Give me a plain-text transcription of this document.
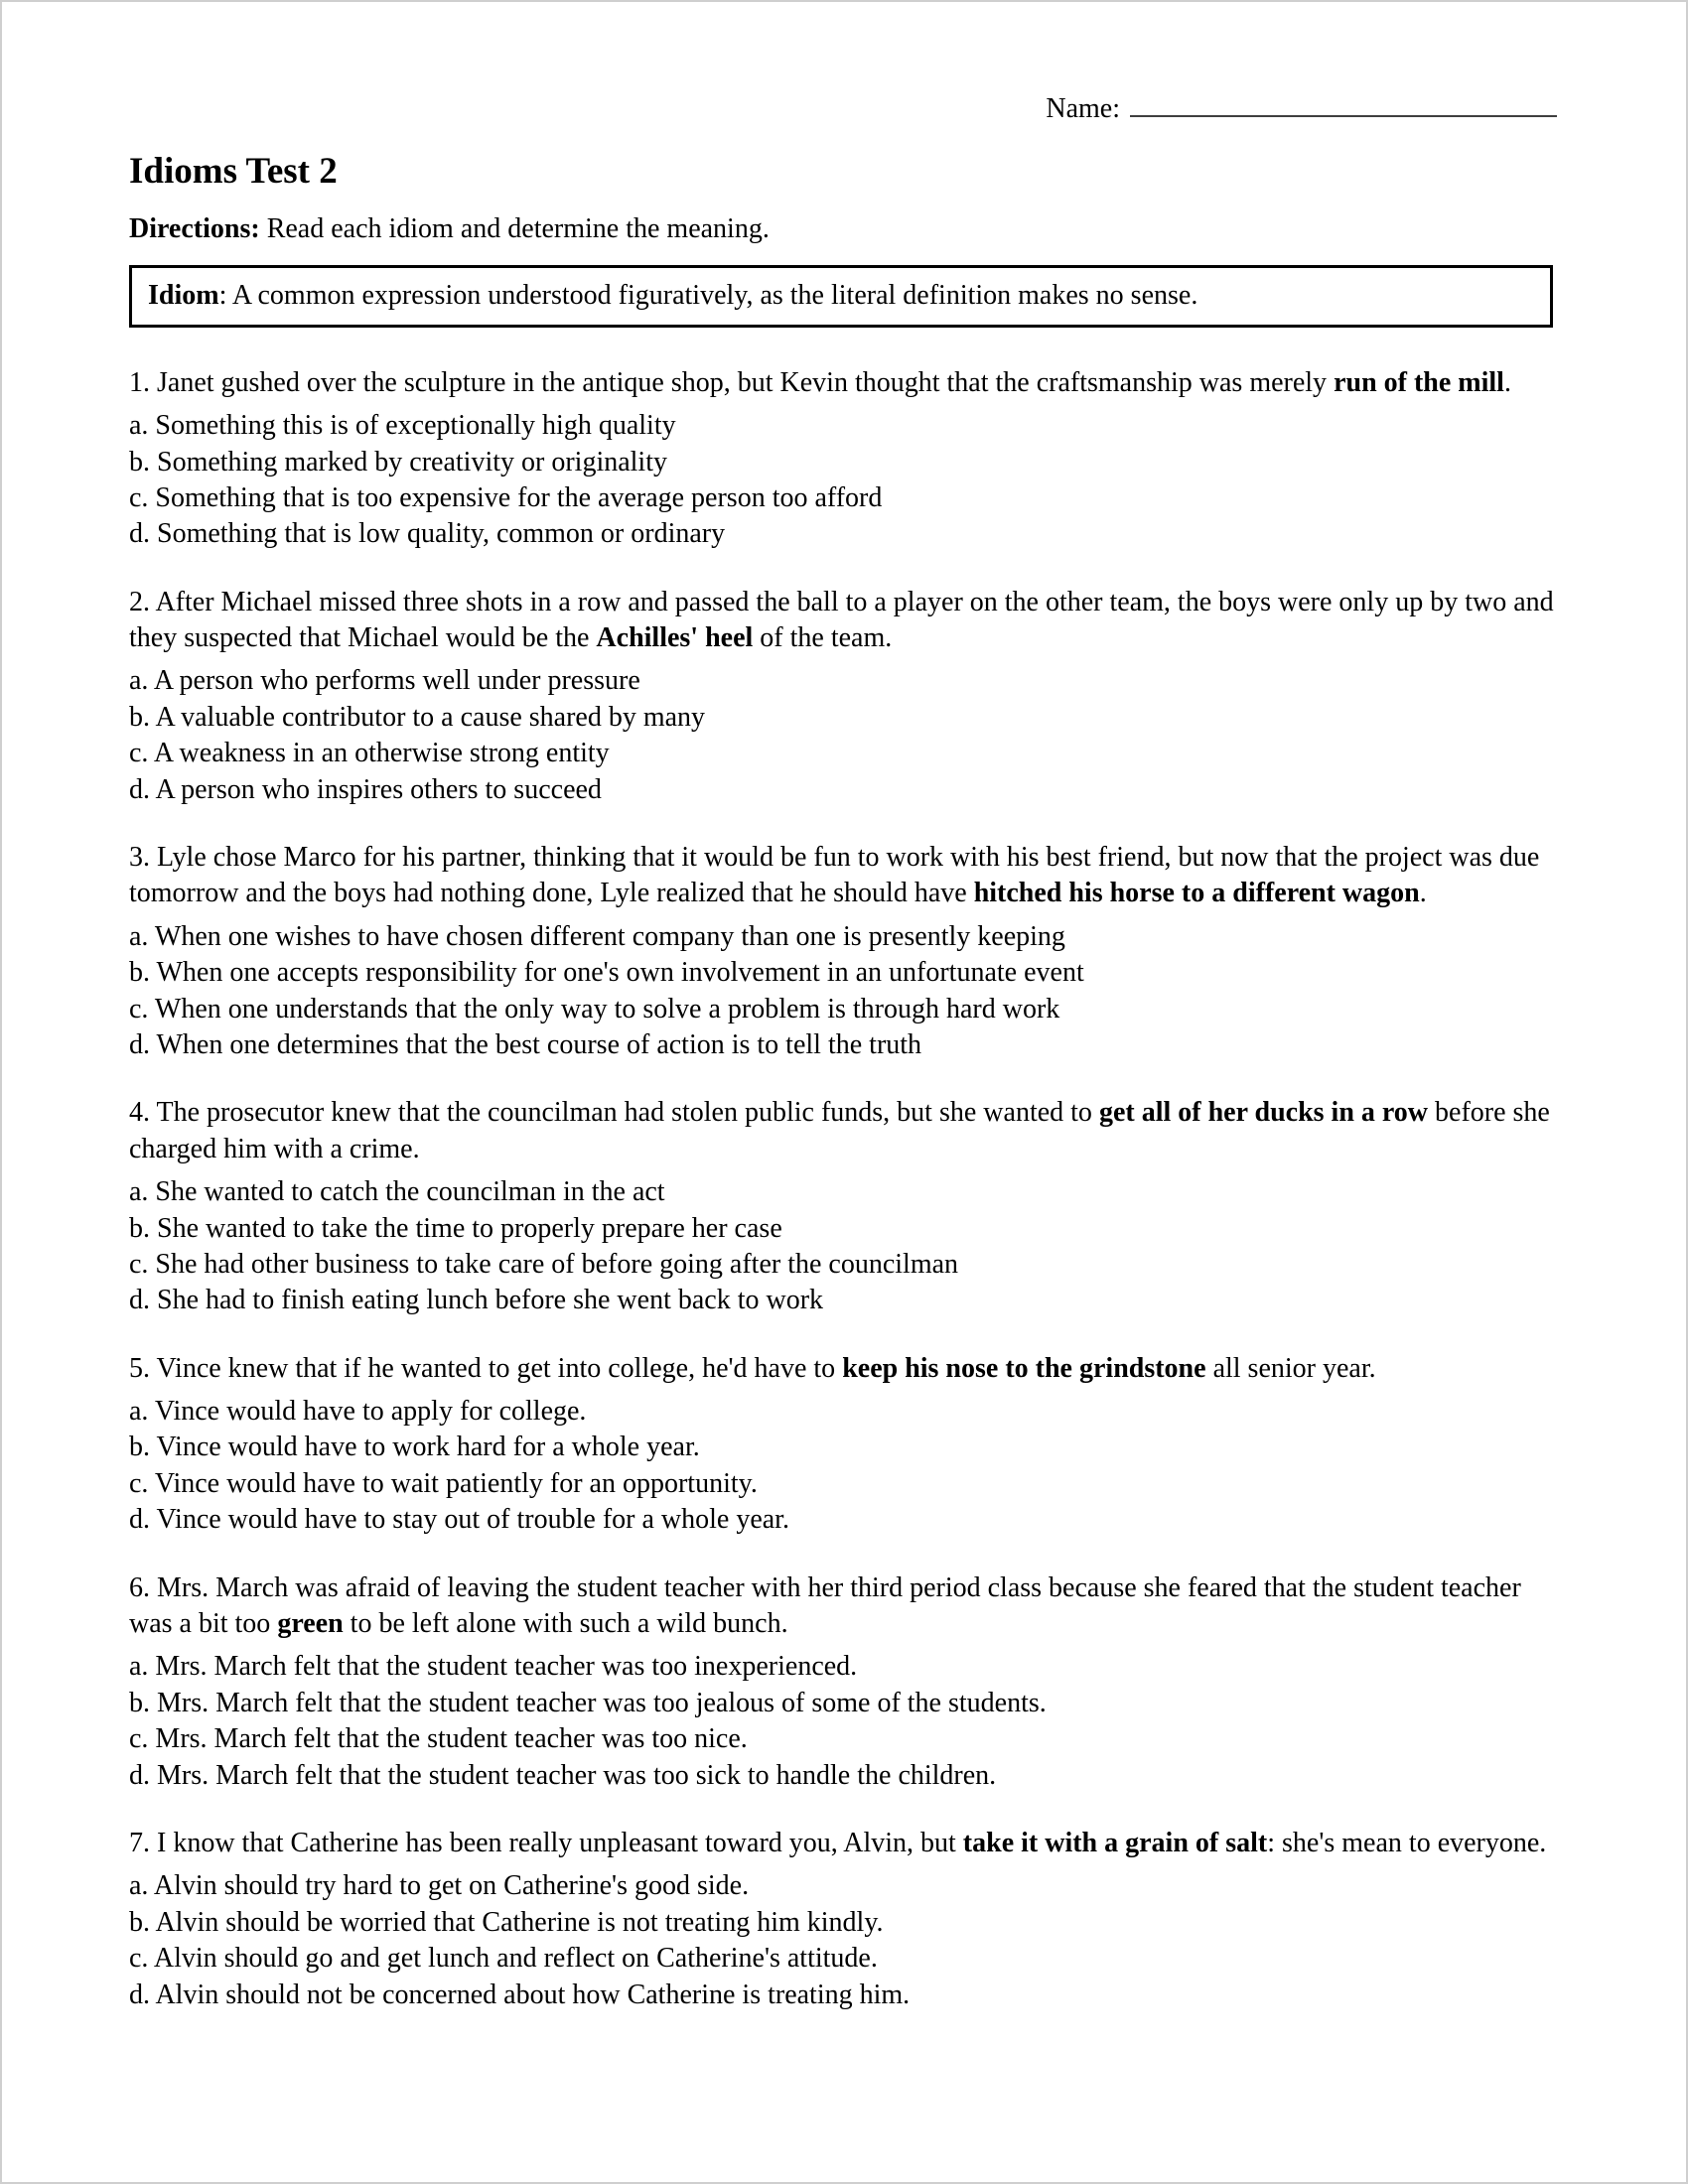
Name:
Idioms Test 2

Directions: Read each idiom and determine the meaning.

Idiom: A common expression understood figuratively, as the literal definition makes no sense.

1. Janet gushed over the sculpture in the antique shop, but Kevin thought that the craftsmanship was merely run of the mill.

a. Something this is of exceptionally high quality
b. Something marked by creativity or originality
c. Something that is too expensive for the average person too afford
d. Something that is low quality, common or ordinary

2. After Michael missed three shots in a row and passed the ball to a player on the other team, the boys were only up by two and they suspected that Michael would be the Achilles' heel of the team.

a. A person who performs well under pressure
b. A valuable contributor to a cause shared by many
c. A weakness in an otherwise strong entity
d. A person who inspires others to succeed

3. Lyle chose Marco for his partner, thinking that it would be fun to work with his best friend, but now that the project was due tomorrow and the boys had nothing done, Lyle realized that he should have hitched his horse to a different wagon.

a. When one wishes to have chosen different company than one is presently keeping
b. When one accepts responsibility for one's own involvement in an unfortunate event
c. When one understands that the only way to solve a problem is through hard work
d. When one determines that the best course of action is to tell the truth

4. The prosecutor knew that the councilman had stolen public funds, but she wanted to get all of her ducks in a row before she charged him with a crime.

a. She wanted to catch the councilman in the act
b. She wanted to take the time to properly prepare her case
c. She had other business to take care of before going after the councilman
d. She had to finish eating lunch before she went back to work

5. Vince knew that if he wanted to get into college, he'd have to keep his nose to the grindstone all senior year.

a. Vince would have to apply for college.
b. Vince would have to work hard for a whole year.
c. Vince would have to wait patiently for an opportunity.
d. Vince would have to stay out of trouble for a whole year.

6. Mrs. March was afraid of leaving the student teacher with her third period class because she feared that the student teacher was a bit too green to be left alone with such a wild bunch.

a. Mrs. March felt that the student teacher was too inexperienced.
b. Mrs. March felt that the student teacher was too jealous of some of the students.
c. Mrs. March felt that the student teacher was too nice.
d. Mrs. March felt that the student teacher was too sick to handle the children.

7. I know that Catherine has been really unpleasant toward you, Alvin, but take it with a grain of salt: she's mean to everyone.

a. Alvin should try hard to get on Catherine's good side.
b. Alvin should be worried that Catherine is not treating him kindly.
c. Alvin should go and get lunch and reflect on Catherine's attitude.
d. Alvin should not be concerned about how Catherine is treating him.
